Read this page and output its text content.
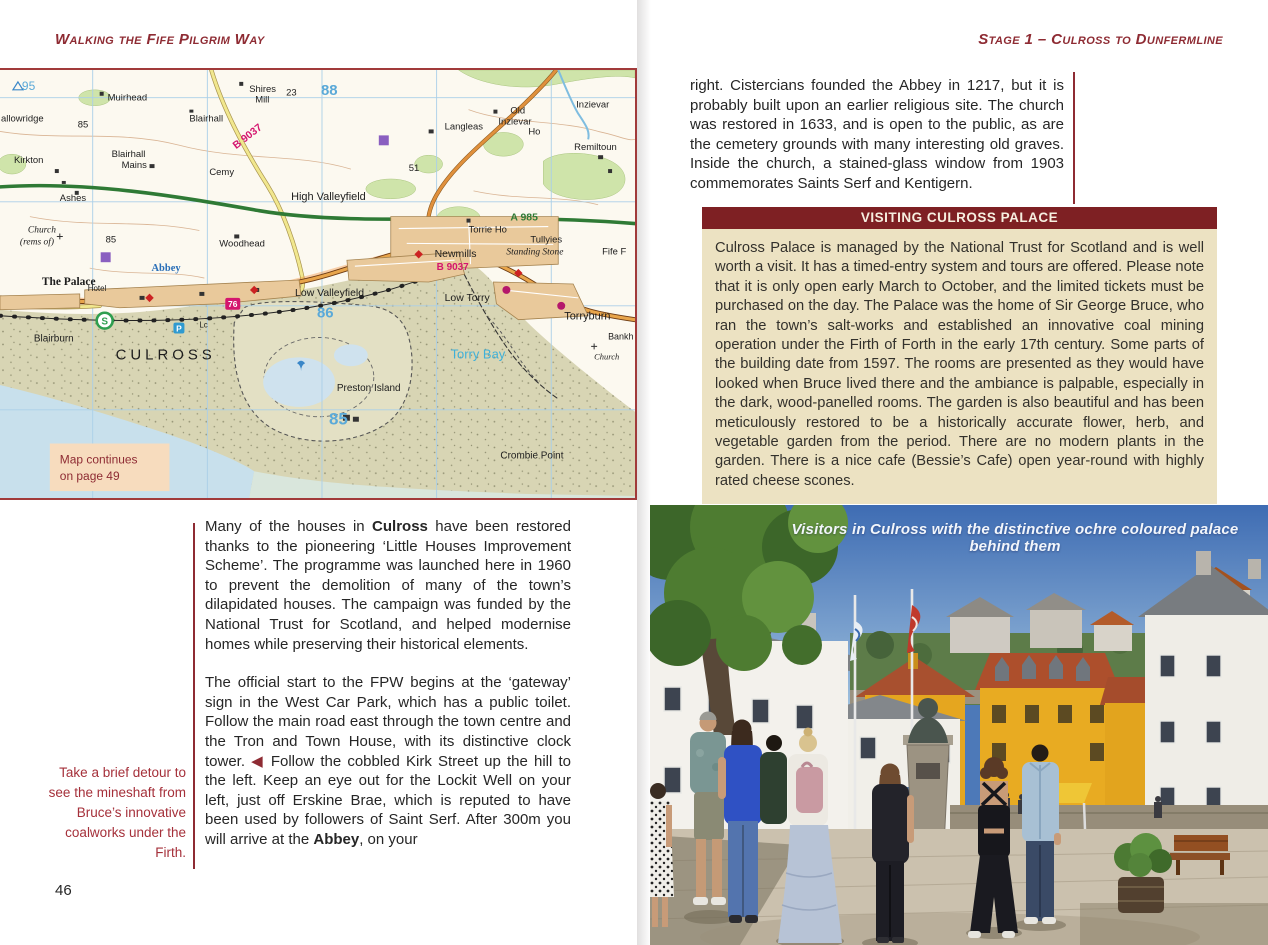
Walking the Fife Pilgrim Way
S
76
P
95	88
86
85
Muirhead
Shires
Mill
23
allowridge
85
Blairhall
B 9037
Kirkton
Blairhall
Mains
Cemy
Old
Inzievar
Ho
Langleas
Inzievar
Remiltoun
51
High Valleyfield
A 985
Ashes
Church
(rems of)	85	Woodhead
The Palace
Abbey
Hotel
Torrie Ho
Tullyies
Standing Stone	Fife F
Newmills
B 9037
Low Valleyfield	Low Torry
Torryburn
Bankh
Church
Torry Bay
Preston Island
Crombie Point
Lc
CULROSS
Blairburn
Map continues
on page 49

Many of the houses in Culross have been restored thanks to the pioneering ‘Little Houses Improvement Scheme’. The programme was launched here in 1960 to prevent the demolition of many of the town’s dilapidated houses. The campaign was funded by the National Trust for Scotland, and helped modernise homes while preserving their historical elements.

The official start to the FPW begins at the ‘gateway’ sign in the West Car Park, which has a public toilet. Follow the main road east through the town centre and the Tron and Town House, with its distinctive clock tower. ◀ Follow the cobbled Kirk Street up the hill to the left. Keep an eye out for the Lockit Well on your left, just off Erskine Brae, which is reputed to have been used by followers of Saint Serf. After 300m you will arrive at the Abbey, on your

Take a brief detour to see the mineshaft from Bruce’s innovative coalworks under the Firth.
46
Stage 1 – Culross to Dunfermline

right. Cistercians founded the Abbey in 1217, but it is probably built upon an earlier religious site. The church was restored in 1633, and is open to the public, as are the cemetery grounds with many interesting old graves. Inside the church, a stained-glass window from 1903 commemorates Saints Serf and Kentigern.

VISITING CULROSS PALACE
Culross Palace is managed by the National Trust for Scotland and is well worth a visit. It has a timed-entry system and tours are offered. Please note that it is only open early March to October, and the limited tickets must be purchased on the day. The Palace was the home of Sir George Bruce, who ran the town’s salt-works and established an innovative coal mining operation under the Firth of Forth in the early 17th century. Some parts of the building date from 1597. The rooms are presented as they would have looked when Bruce lived there and the ambiance is palpable, especially in the dark, wood-panelled rooms. The garden is also beautiful and has been meticulously restored to be a historically accurate flower, herb, and vegetable garden from the period. There are no modern plants in the garden. There is a nice cafe (Bessie’s Cafe) open year-round with highly rated cheese scones.
Visitors in Culross with the distinctive ochre coloured palace behind them
